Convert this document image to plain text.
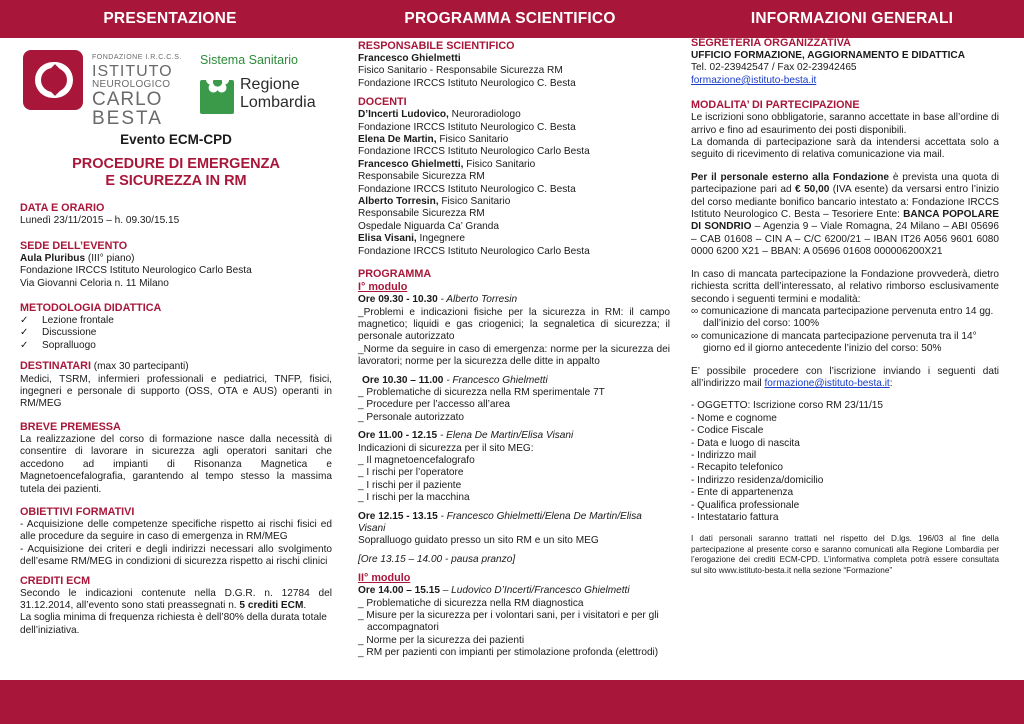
PRESENTAZIONE	PROGRAMMA SCIENTIFICO	INFORMAZIONI GENERALI
FONDAZIONE I.R.C.C.S.
ISTITUTO
NEUROLOGICO
CARLO
BESTA
Sistema Sanitario
✿ Regione
Lombardia
Evento ECM-CPD
PROCEDURE DI EMERGENZA
E SICUREZZA IN RM
DATA E ORARIO

Lunedì 23/11/2015 – h. 09.30/15.15

SEDE DELL’EVENTO

Aula Pluribus (III° piano)

Fondazione IRCCS Istituto Neurologico Carlo Besta

Via Giovanni Celoria n. 11 Milano

METODOLOGIA DIDATTICA
✓ Lezione frontale
✓ Discussione
✓ Sopralluogo

DESTINATARI (max 30 partecipanti)

Medici, TSRM, infermieri professionali e pediatrici, TNFP, fisici, ingegneri e personale di supporto (OSS, OTA e AUS) operanti in RM/MEG

BREVE PREMESSA

La realizzazione del corso di formazione nasce dalla necessità di consentire di lavorare in sicurezza agli operatori sanitari che accedono ad impianti di Risonanza Magnetica e Magnetoencefalografia, garantendo al tempo stesso la massima tutela dei pazienti.

OBIETTIVI FORMATIVI

- Acquisizione delle competenze specifiche rispetto ai rischi fisici ed alle procedure da seguire in caso di emergenza in RM/MEG

- Acquisizione dei criteri e degli indirizzi necessari allo svolgimento dell’esame RM/MEG in condizioni di sicurezza rispetto ai rischi clinici

CREDITI ECM

Secondo le indicazioni contenute nella D.G.R. n. 12784 del 31.12.2014, all’evento sono stati preassegnati n. 5 crediti ECM.

La soglia minima di frequenza richiesta è dell’80% della durata totale dell’iniziativa.

RESPONSABILE SCIENTIFICO

Francesco Ghielmetti

Fisico Sanitario - Responsabile Sicurezza RM

Fondazione IRCCS Istituto Neurologico C. Besta

DOCENTI

D’Incerti Ludovico, Neuroradiologo

Fondazione IRCCS Istituto Neurologico C. Besta

Elena De Martin, Fisico Sanitario

Fondazione IRCCS Istituto Neurologico Carlo Besta

Francesco Ghielmetti, Fisico Sanitario

Responsabile Sicurezza RM

Fondazione IRCCS Istituto Neurologico C. Besta

Alberto Torresin, Fisico Sanitario

Responsabile Sicurezza RM

Ospedale Niguarda Ca’ Granda

Elisa Visani, Ingegnere

Fondazione IRCCS Istituto Neurologico Carlo Besta

PROGRAMMA

I° modulo

Ore 09.30 - 10.30 - Alberto Torresin

_Problemi e indicazioni fisiche per la sicurezza in RM: il campo magnetico; liquidi e gas criogenici; la segnaletica di sicurezza; il personale autorizzato

_Norme da seguire in caso di emergenza: norme per la sicurezza dei lavoratori; norme per la sicurezza delle ditte in appalto

Ore 10.30 – 11.00 - Francesco Ghielmetti

_ Problematiche di sicurezza nella RM sperimentale 7T

_ Procedure per l’accesso all’area

_ Personale autorizzato

Ore 11.00 - 12.15 - Elena De Martin/Elisa Visani

Indicazioni di sicurezza per il sito MEG:

_ Il magnetoencefalografo

_ I rischi per l’operatore

_ I rischi per il paziente

_ I rischi per la macchina

Ore 12.15 - 13.15 - Francesco Ghielmetti/Elena De Martin/Elisa Visani

Sopralluogo guidato presso un sito RM e un sito MEG

[Ore 13.15 – 14.00 - pausa pranzo]

II° modulo

Ore 14.00 – 15.15 – Ludovico D’Incerti/Francesco Ghielmetti

_ Problematiche di sicurezza nella RM diagnostica

_ Misure per la sicurezza per i volontari sani, per i visitatori e per gli accompagnatori

_ Norme per la sicurezza dei pazienti

_ RM per pazienti con impianti per stimolazione profonda (elettrodi)

SEGRETERIA ORGANIZZATIVA

UFFICIO FORMAZIONE, AGGIORNAMENTO E DIDATTICA

Tel. 02-23942547 / Fax 02-23942465

formazione@istituto-besta.it

MODALITA’ DI PARTECIPAZIONE

Le iscrizioni sono obbligatorie, saranno accettate in base all’ordine di arrivo e fino ad esaurimento dei posti disponibili.

La domanda di partecipazione sarà da intendersi accettata solo a seguito di ricevimento di relativa comunicazione via mail.

Per il personale esterno alla Fondazione è prevista una quota di partecipazione pari ad € 50,00 (IVA esente) da versarsi entro l’inizio del corso mediante bonifico bancario intestato a: Fondazione IRCCS Istituto Neurologico C. Besta – Tesoriere Ente: BANCA POPOLARE DI SONDRIO – Agenzia 9 – Viale Romagna, 24 Milano – ABI 05696 – CAB 01608 – CIN A – C/C 6200/21 – IBAN IT26 A056 9601 6080 0000 6200 X21 – BBAN: A 05696 01608 000006200X21

In caso di mancata partecipazione la Fondazione provvederà, dietro richiesta scritta dell’interessato, al relativo rimborso esclusivamente secondo i seguenti termini e modalità:

∞ comunicazione di mancata partecipazione pervenuta entro 14 gg. dall’inizio del corso: 100%

∞ comunicazione di mancata partecipazione pervenuta tra il 14° giorno ed il giorno antecedente l’inizio del corso: 50%

E’ possibile procedere con l’iscrizione inviando i seguenti dati all’indirizzo mail formazione@istituto-besta.it:

- OGGETTO: Iscrizione corso RM 23/11/15

- Nome e cognome

- Codice Fiscale

- Data e luogo di nascita

- Indirizzo mail

- Recapito telefonico

- Indirizzo residenza/domicilio

- Ente di appartenenza

- Qualifica professionale

- Intestatario fattura

I dati personali saranno trattati nel rispetto del D.lgs. 196/03 al fine della partecipazione al presente corso e saranno comunicati alla Regione Lombardia per l’erogazione dei crediti ECM-CPD. L’informativa completa potrà essere consultata sul sito www.istituto-besta.it nella sezione “Formazione”
